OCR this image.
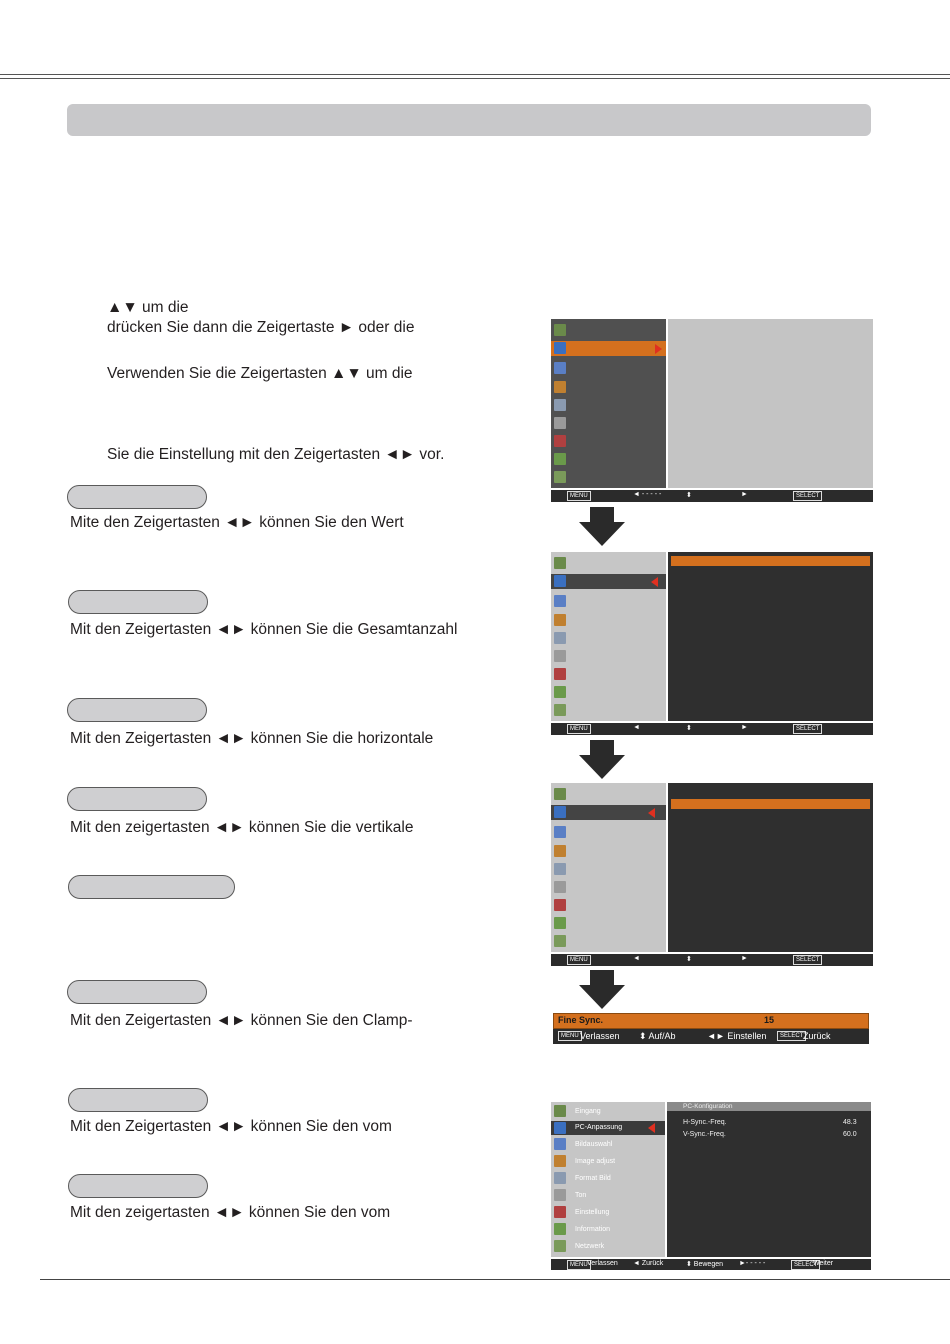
▲▼ um die
drücken Sie dann die Zeigertaste ► oder die
Verwenden Sie die Zeigertasten ▲▼ um die
Sie die Einstellung mit den Zeigertasten ◄► vor.
Mite den Zeigertasten ◄► können Sie den Wert
Mit den Zeigertasten ◄► können Sie die Gesamtanzahl
Mit den Zeigertasten ◄► können Sie die horizontale
Mit den zeigertasten ◄► können Sie die vertikale
Mit den Zeigertasten ◄► können Sie den Clamp-
Mit den Zeigertasten ◄► können Sie den vom
Mit den zeigertasten ◄► können Sie den vom
MENU	◄ - - - - -	⬍	►	SELECT
MENU	◄	⬍	►	SELECT
MENU	◄	⬍	►	SELECT
Fine Sync.	15
MENU Verlassen ⬍ Auf/Ab	◄► Einstellen	SELECT Zurück
Eingang
PC-Anpassung
Bildauswahl
Image adjust
Format Bild
Ton
Einstellung
Information
Netzwerk
PC-Konfiguration
H-Sync.-Freq.	48.3
V-Sync.-Freq.	60.0
MENU Verlassen ◄ Zurück	⬍ Bewegen ►- - - - -	SELECT
Weiter
